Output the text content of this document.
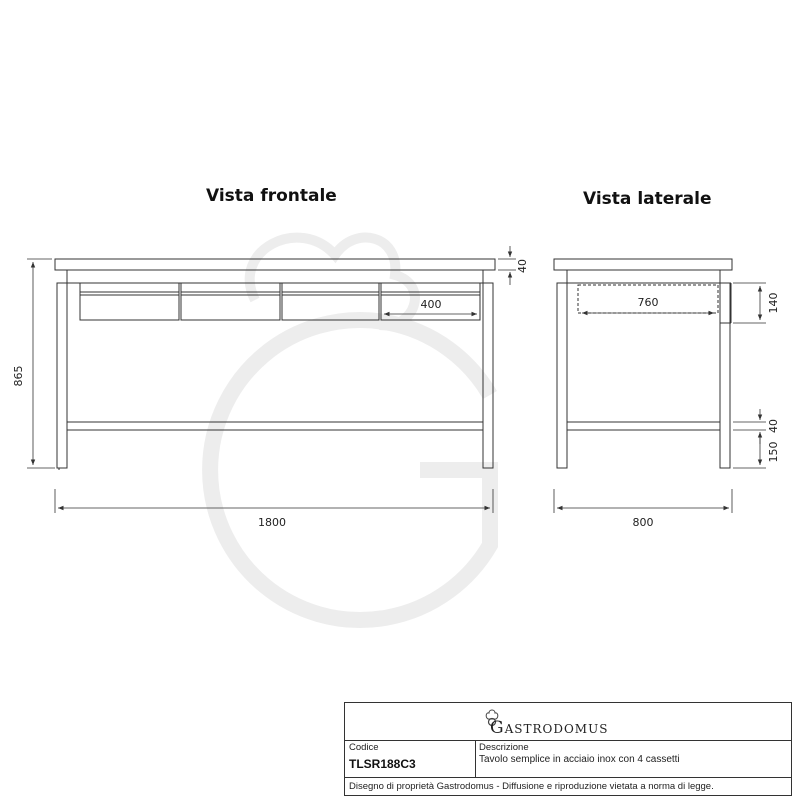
Vista frontale	Vista laterale
865
1800
40
400	760	140
40
150
800
Gastrodomus
Codice
TLSR188C3
Descrizione
Tavolo semplice in acciaio inox con 4 cassetti
Disegno di proprietà Gastrodomus - Diffusione e riproduzione vietata a norma di legge.
